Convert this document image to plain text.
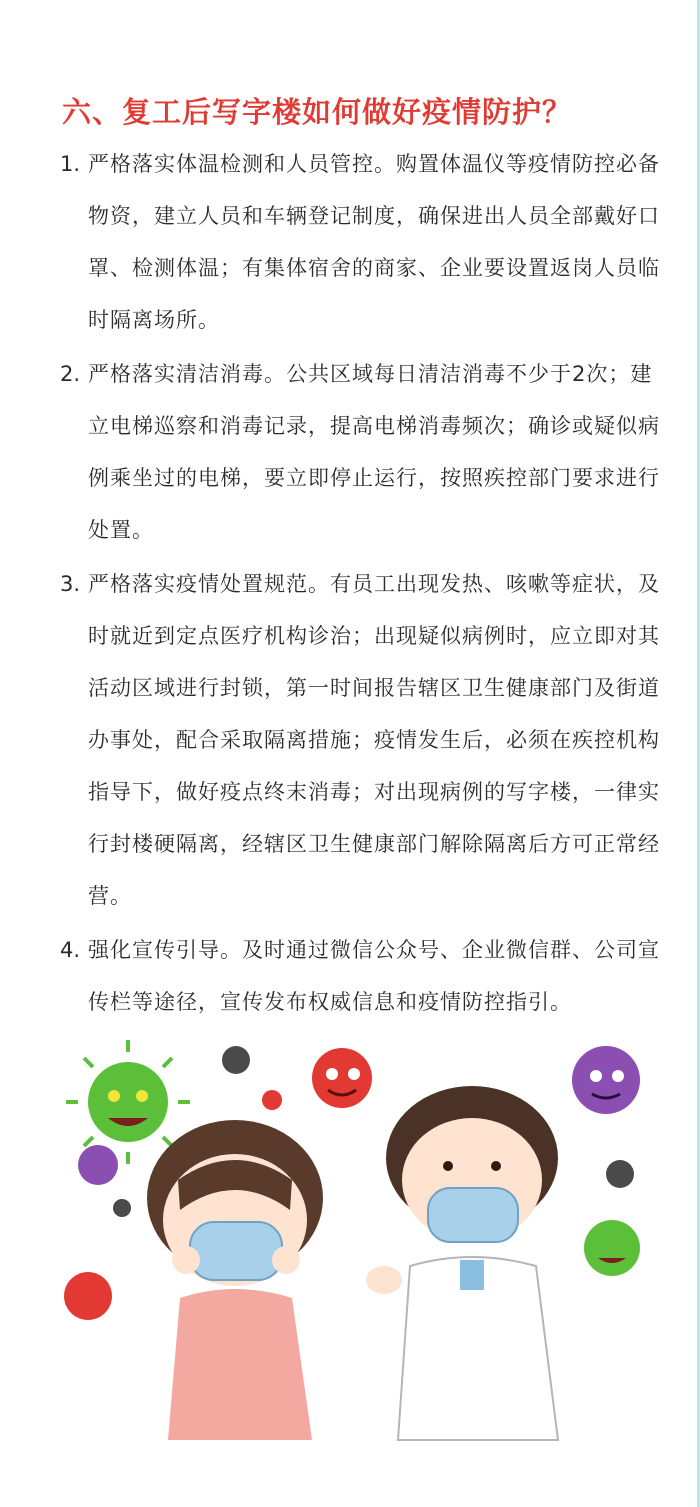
六、复工后写字楼如何做好疫情防护？
1. 严格落实体温检测和人员管控。购置体温仪等疫情防控必备物资，建立人员和车辆登记制度，确保进出人员全部戴好口罩、检测体温；有集体宿舍的商家、企业要设置返岗人员临时隔离场所。
2. 严格落实清洁消毒。公共区域每日清洁消毒不少于2次；建立电梯巡察和消毒记录，提高电梯消毒频次；确诊或疑似病例乘坐过的电梯，要立即停止运行，按照疾控部门要求进行处置。
3. 严格落实疫情处置规范。有员工出现发热、咳嗽等症状，及时就近到定点医疗机构诊治；出现疑似病例时，应立即对其活动区域进行封锁，第一时间报告辖区卫生健康部门及街道办事处，配合采取隔离措施；疫情发生后，必须在疾控机构指导下，做好疫点终末消毒；对出现病例的写字楼，一律实行封楼硬隔离，经辖区卫生健康部门解除隔离后方可正常经营。
4. 强化宣传引导。及时通过微信公众号、企业微信群、公司宣传栏等途径，宣传发布权威信息和疫情防控指引。
